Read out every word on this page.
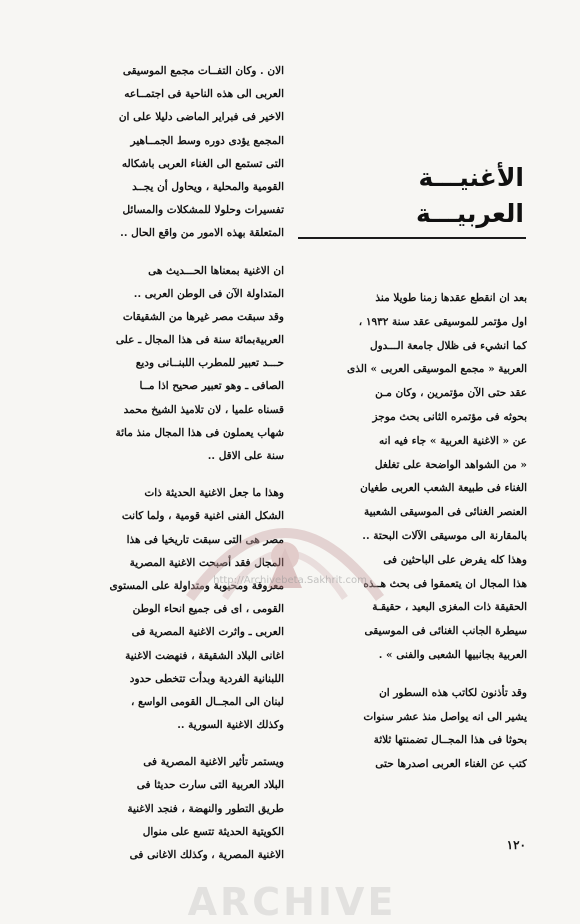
الأغنيـــة
العربيـــة
بعد ان انقطع عقدها زمنا طويلا منذ
اول مؤتمر للموسيقى عقد سنة ١٩٣٢ ،
كما انشيء فى ظلال جامعة الـــدول
العربية « مجمع الموسيقى العربى » الذى
عقد حتى الآن مؤتمرين ، وكان مـن
بحوثه فى مؤتمره الثانى بحث موجز
عن « الاغنية العربية » جاء فيه انه
« من الشواهد الواضحة على تغلغل
الغناء فى طبيعة الشعب العربى طغيان
العنصر الغنائى فى الموسيقى الشعبية
بالمقارنة الى موسيقى الآلات البحتة ..
وهذا كله يفرض على الباحثين فى
هذا المجال ان يتعمقوا فى بحث هــذه
الحقيقة ذات المغزى البعيد ، حقيقـة
سيطرة الجانب الغنائى فى الموسيقى
العربية بجانبيها الشعبى والفنى » .
وقد تأذنون لكاتب هذه السطور ان
يشير الى انه يواصل منذ عشر سنوات
بحوثا فى هذا المجــال تضمنتها ثلاثة
كتب عن الغناء العربى اصدرها حتى
الان . وكان التفــات مجمع الموسيقى
العربى الى هذه الناحية فى اجتمــاعه
الاخير فى فبراير الماضى دليلا على ان
المجمع يؤدى دوره وسط الجمــاهير
التى تستمع الى الغناء العربى باشكاله
القومية والمحلية ، ويحاول أن يجــد
تفسيرات وحلولا للمشكلات والمسائل
المتعلقة بهذه الامور من واقع الحال ..
ان الاغنية بمعناها الحـــديث هى
المتداولة الآن فى الوطن العربى ..
وقد سبقت مصر غيرها من الشقيقات
العربيةبمائة سنة فى هذا المجال ـ على
حـــد تعبير للمطرب اللبنــانى وديع
الصافى ـ وهو تعبير صحيح اذا مــا
قسناه علميا ، لان تلاميذ الشيخ محمد
شهاب يعملون فى هذا المجال منذ مائة
سنة على الاقل ..
وهذا ما جعل الاغنية الحديثة ذات
الشكل الفنى اغنية قومية ، ولما كانت
مصر هى التى سبقت تاريخيا فى هذا
المجال فقد أصبحت الاغنية المصرية
معروفة ومحبوبة ومتداولة على المستوى
القومى ، اى فى جميع انحاء الوطن
العربى ـ واثرت الاغنية المصرية فى
اغانى البلاد الشقيقة ، فنهضت الاغنية
اللبنانية الفردية وبدأت تتخطى حدود
لبنان الى المجــال القومى الواسع ،
وكذلك الاغنية السورية ..
ويستمر تأثير الاغنية المصرية فى
البلاد العربية التى سارت حديثا فى
طريق التطور والنهضة ، فنجد الاغنية
الكويتية الحديثة تتسع على منوال
الاغنية المصرية ، وكذلك الاغانى فى
١٢٠
http://Archivebeta.Sakhrit.com
ARCHIVE
